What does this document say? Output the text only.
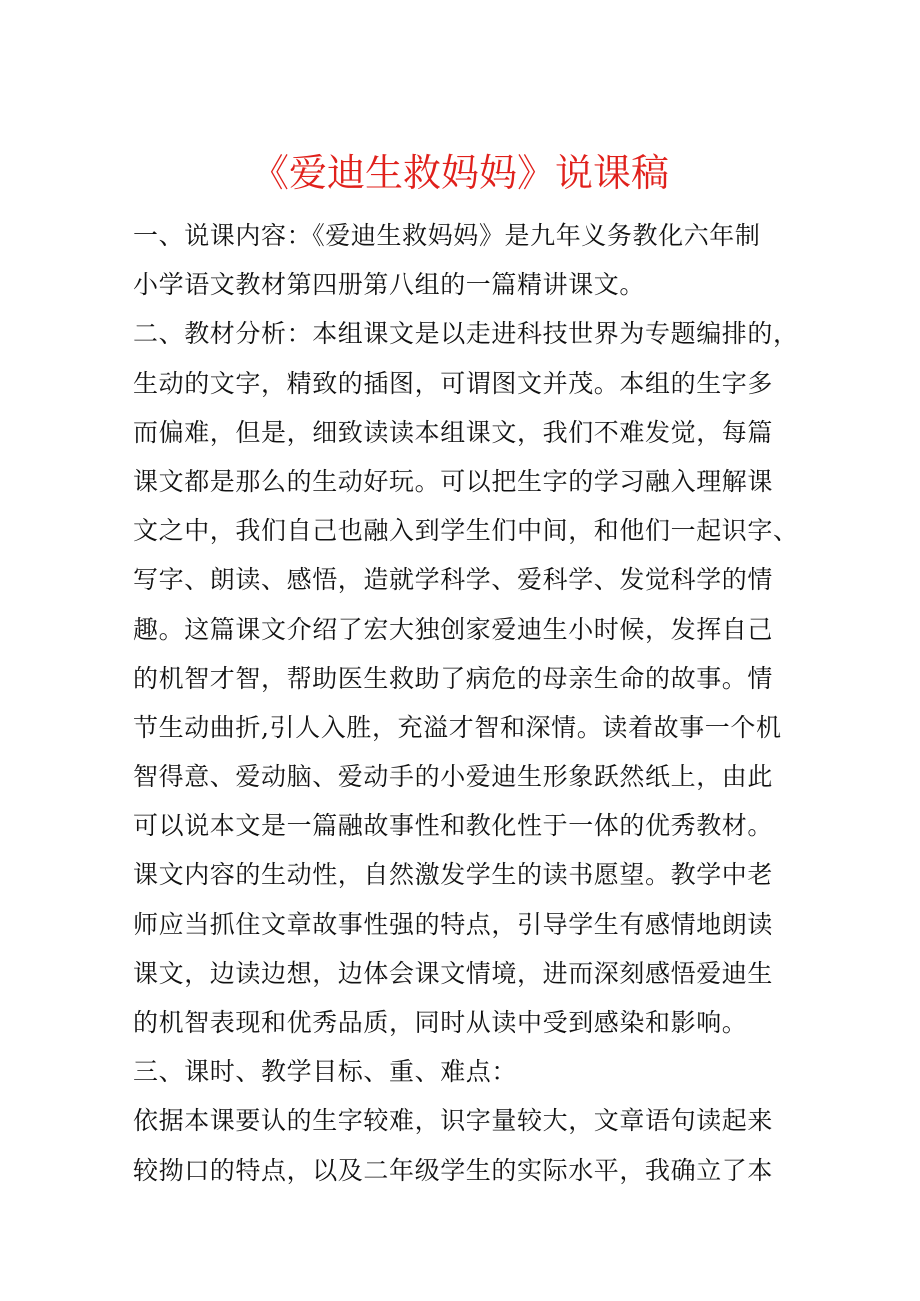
《爱迪生救妈妈》说课稿
一、说课内容：《爱迪生救妈妈》是九年义务教化六年制
小学语文教材第四册第八组的一篇精讲课文。
二、教材分析：本组课文是以走进科技世界为专题编排的，
生动的文字，精致的插图，可谓图文并茂。本组的生字多
而偏难，但是，细致读读本组课文，我们不难发觉，每篇
课文都是那么的生动好玩。可以把生字的学习融入理解课
文之中，我们自己也融入到学生们中间，和他们一起识字、
写字、朗读、感悟，造就学科学、爱科学、发觉科学的情
趣。这篇课文介绍了宏大独创家爱迪生小时候，发挥自己
的机智才智，帮助医生救助了病危的母亲生命的故事。情
节生动曲折,引人入胜，充溢才智和深情。读着故事一个机
智得意、爱动脑、爱动手的小爱迪生形象跃然纸上，由此
可以说本文是一篇融故事性和教化性于一体的优秀教材。
课文内容的生动性，自然激发学生的读书愿望。教学中老
师应当抓住文章故事性强的特点，引导学生有感情地朗读
课文，边读边想，边体会课文情境，进而深刻感悟爱迪生
的机智表现和优秀品质，同时从读中受到感染和影响。
三、课时、教学目标、重、难点：
依据本课要认的生字较难，识字量较大，文章语句读起来
较拗口的特点，以及二年级学生的实际水平，我确立了本
